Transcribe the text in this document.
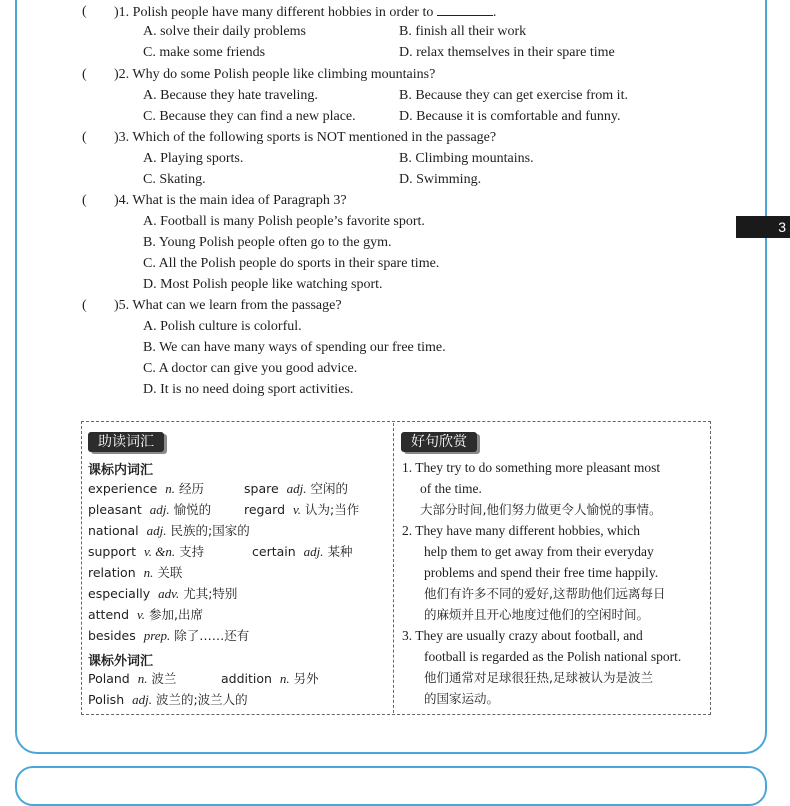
3
( )1. Polish people have many different hobbies in order to	.
A. solve their daily problems	B. finish all their work
C. make some friends	D. relax themselves in their spare time
( )2. Why do some Polish people like climbing mountains?
A. Because they hate traveling.	B. Because they can get exercise from it.
C. Because they can find a new place.	D. Because it is comfortable and funny.
( )3. Which of the following sports is NOT mentioned in the passage?
A. Playing sports.	B. Climbing mountains.
C. Skating.	D. Swimming.
( )4. What is the main idea of Paragraph 3?
A. Football is many Polish people’s favorite sport.
B. Young Polish people often go to the gym.
C. All the Polish people do sports in their spare time.
D. Most Polish people like watching sport.
( )5. What can we learn from the passage?
A. Polish culture is colorful.
B. We can have many ways of spending our free time.
C. A doctor can give you good advice.
D. It is no need doing sport activities.
助读词汇
课标内词汇
experience n. 经历	spare adj. 空闲的
pleasant adj. 愉悦的	regard v. 认为;当作
national adj. 民族的;国家的
support v. &n. 支持	certain adj. 某种
relation n. 关联
especially adv. 尤其;特别
attend v. 参加,出席
besides prep. 除了……还有
课标外词汇
Poland n. 波兰	addition n. 另外
Polish adj. 波兰的;波兰人的
好句欣赏
1. They try to do something more pleasant most
of the time.
大部分时间,他们努力做更令人愉悦的事情。
2. They have many different hobbies, which
help them to get away from their everyday
problems and spend their free time happily.
他们有许多不同的爱好,这帮助他们远离每日
的麻烦并且开心地度过他们的空闲时间。
3. They are usually crazy about football, and
football is regarded as the Polish national sport.
他们通常对足球很狂热,足球被认为是波兰
的国家运动。
